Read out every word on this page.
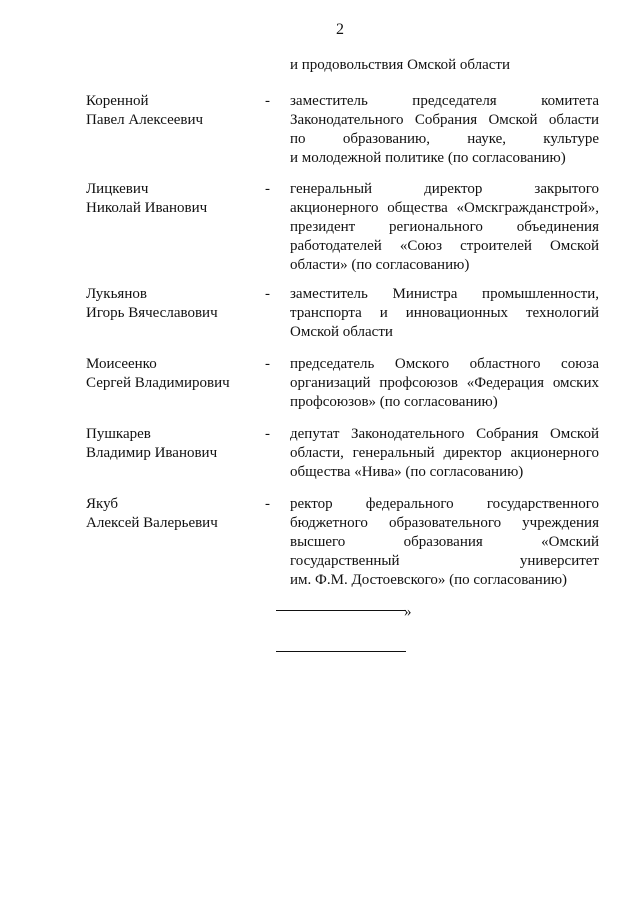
2
и продовольствия Омской области
Коренной
Павел Алексеевич
-	заместитель председателя комитета
Законодательного Собрания Омской области
по образованию, науке, культуре
и молодежной политике (по согласованию)
Лицкевич
Николай Иванович
-	генеральный директор закрытого
акционерного общества «Омскгражданстрой»,
президент регионального объединения
работодателей «Союз строителей Омской
области» (по согласованию)
Лукьянов
Игорь Вячеславович
-	заместитель Министра промышленности,
транспорта и инновационных технологий
Омской области
Моисеенко
Сергей Владимирович
-	председатель Омского областного союза
организаций профсоюзов «Федерация омских
профсоюзов» (по согласованию)
Пушкарев
Владимир Иванович
-	депутат Законодательного Собрания Омской
области, генеральный директор акционерного
общества «Нива» (по согласованию)
Якуб
Алексей Валерьевич
-	ректор федерального государственного
бюджетного образовательного учреждения
высшего образования «Омский
государственный университет
им. Ф.М. Достоевского» (по согласованию)
»
